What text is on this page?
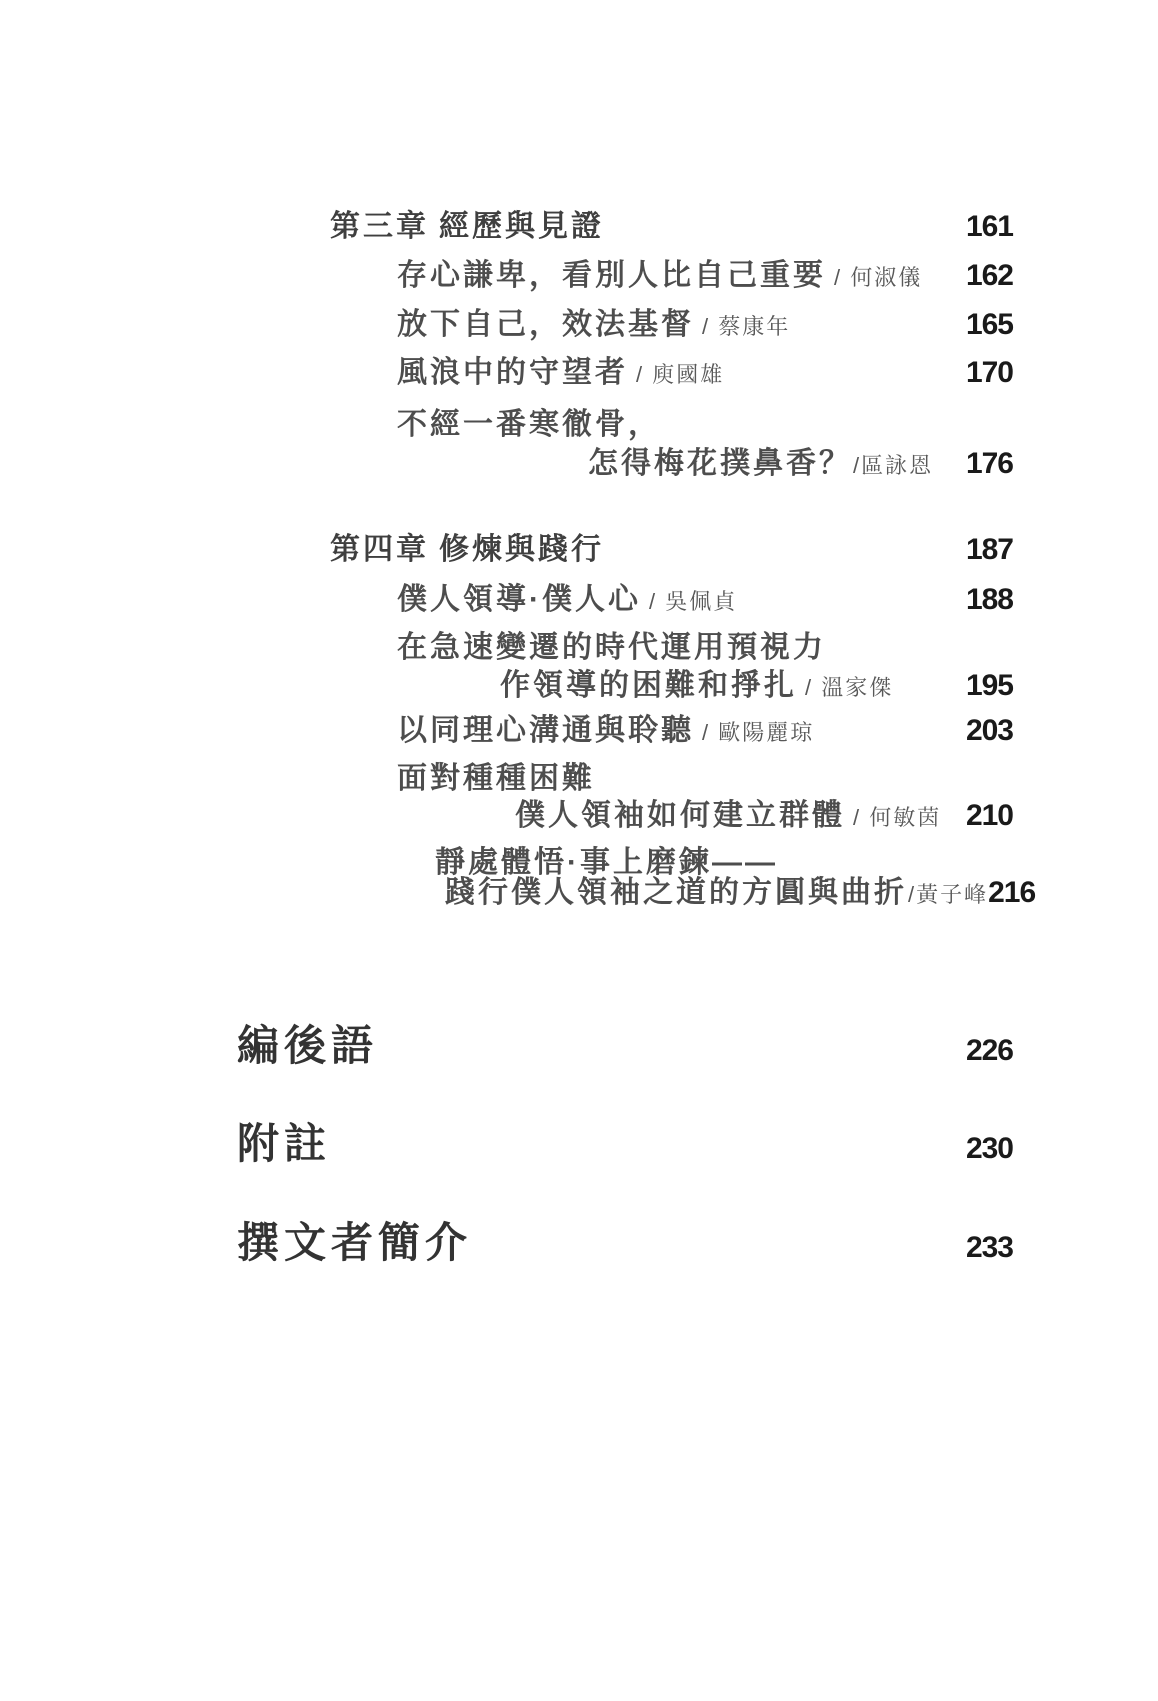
第三章 經歷與見證	161
存心謙卑，看別人比自己重要 / 何淑儀 162
放下自己，效法基督 / 蔡康年	165
風浪中的守望者 / 庾國雄	170
不經一番寒徹骨，
怎得梅花撲鼻香？ /區詠恩 176
第四章 修煉與踐行	187
僕人領導·僕人心 / 吳佩貞	188
在急速變遷的時代運用預視力
作領導的困難和掙扎 / 溫家傑 195
以同理心溝通與聆聽 / 歐陽麗琼	203
面對種種困難
僕人領袖如何建立群體 / 何敏茵 210
靜處體悟·事上磨鍊——
踐行僕人領袖之道的方圓與曲折 /黃子峰 216
編後語	226
附註	230
撰文者簡介	233
